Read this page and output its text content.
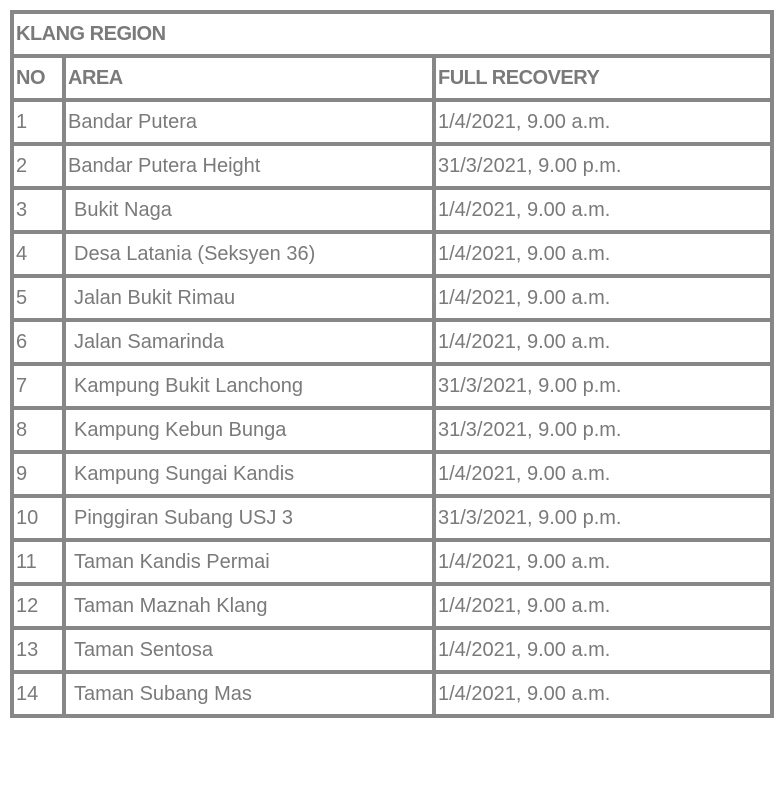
KLANG REGION		
NO	AREA	FULL RECOVERY
1	Bandar Putera	1/4/2021, 9.00 a.m.
2	Bandar Putera Height	31/3/2021, 9.00 p.m.
3	Bukit Naga	1/4/2021, 9.00 a.m.
4	Desa Latania (Seksyen 36)	1/4/2021, 9.00 a.m.
5	Jalan Bukit Rimau	1/4/2021, 9.00 a.m.
6	Jalan Samarinda	1/4/2021, 9.00 a.m.
7	Kampung Bukit Lanchong	31/3/2021, 9.00 p.m.
8	Kampung Kebun Bunga	31/3/2021, 9.00 p.m.
9	Kampung Sungai Kandis	1/4/2021, 9.00 a.m.
10	Pinggiran Subang USJ 3	31/3/2021, 9.00 p.m.
11	Taman Kandis Permai	1/4/2021, 9.00 a.m.
12	Taman Maznah Klang	1/4/2021, 9.00 a.m.
13	Taman Sentosa	1/4/2021, 9.00 a.m.
14	Taman Subang Mas	1/4/2021, 9.00 a.m.
